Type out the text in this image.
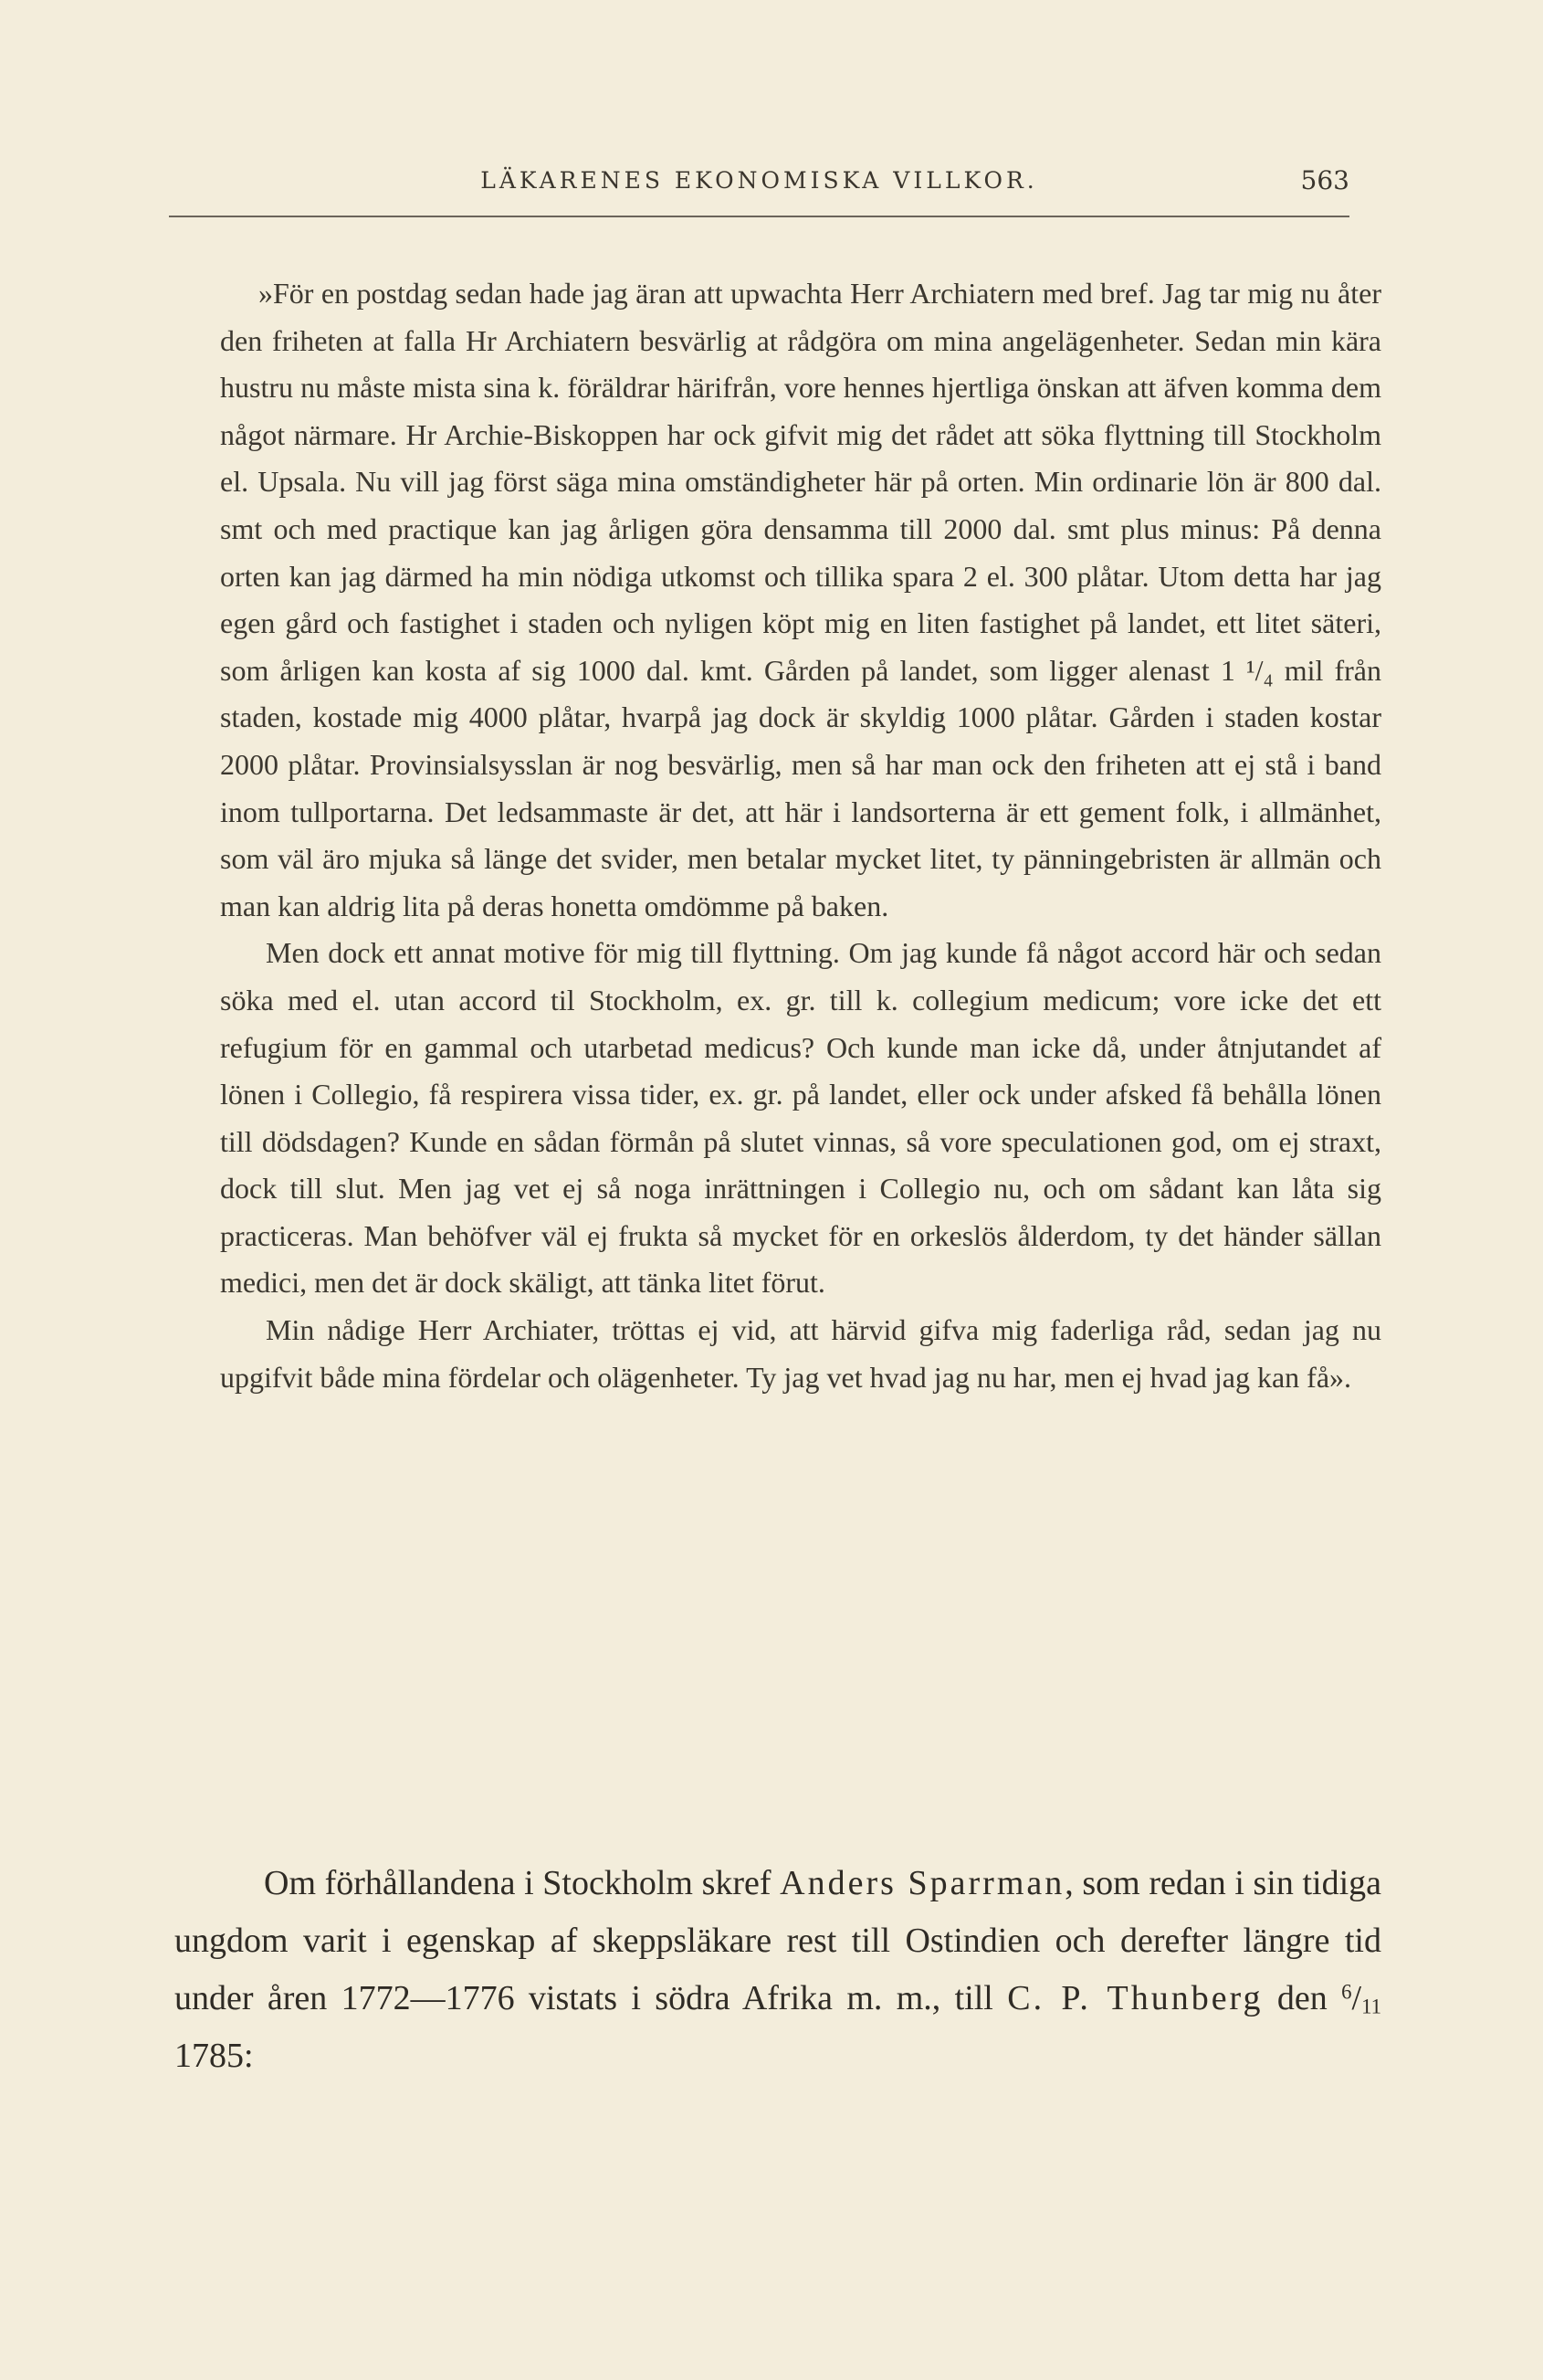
LÄKARENES EKONOMISKA VILLKOR.	563

»För en postdag sedan hade jag äran att upwachta Herr Archiatern med bref. Jag tar mig nu åter den friheten at falla Hr Archiatern besvärlig at rådgöra om mina angelägenheter. Sedan min kära hustru nu måste mista sina k. föräldrar härifrån, vore hennes hjertliga önskan att äfven komma dem något närmare. Hr Archie-Biskoppen har ock gifvit mig det rådet att söka flyttning till Stockholm el. Upsala. Nu vill jag först säga mina omständigheter här på orten. Min ordinarie lön är 800 dal. smt och med practique kan jag årligen göra densamma till 2000 dal. smt plus minus: På denna orten kan jag därmed ha min nödiga utkomst och tillika spara 2 el. 300 plåtar. Utom detta har jag egen gård och fastighet i staden och nyligen köpt mig en liten fastighet på landet, ett litet säteri, som årligen kan kosta af sig 1000 dal. kmt. Gården på landet, som ligger alenast 1 ¹/₄ mil från staden, kostade mig 4000 plåtar, hvarpå jag dock är skyldig 1000 plåtar. Gården i staden kostar 2000 plåtar. Provinsialsysslan är nog besvärlig, men så har man ock den friheten att ej stå i band inom tullportarna. Det ledsammaste är det, att här i landsorterna är ett gement folk, i allmänhet, som väl äro mjuka så länge det svider, men betalar mycket litet, ty pänningebristen är allmän och man kan aldrig lita på deras honetta omdömme på baken.

Men dock ett annat motive för mig till flyttning. Om jag kunde få något accord här och sedan söka med el. utan accord til Stockholm, ex. gr. till k. collegium medicum; vore icke det ett refugium för en gammal och utarbetad medicus? Och kunde man icke då, under åtnjutandet af lönen i Collegio, få respirera vissa tider, ex. gr. på landet, eller ock under afsked få behålla lönen till dödsdagen? Kunde en sådan förmån på slutet vinnas, så vore speculationen god, om ej straxt, dock till slut. Men jag vet ej så noga inrättningen i Collegio nu, och om sådant kan låta sig practiceras. Man behöfver väl ej frukta så mycket för en orkeslös ålderdom, ty det händer sällan medici, men det är dock skäligt, att tänka litet förut.

Min nådige Herr Archiater, tröttas ej vid, att härvid gifva mig faderliga råd, sedan jag nu upgifvit både mina fördelar och olägenheter. Ty jag vet hvad jag nu har, men ej hvad jag kan få».

Om förhållandena i Stockholm skref Anders Sparrman, som redan i sin tidiga ungdom varit i egenskap af skeppsläkare rest till Ostindien och derefter längre tid under åren 1772—1776 vistats i södra Afrika m. m., till C. P. Thunberg den $^6/_{11}$ 1785:
